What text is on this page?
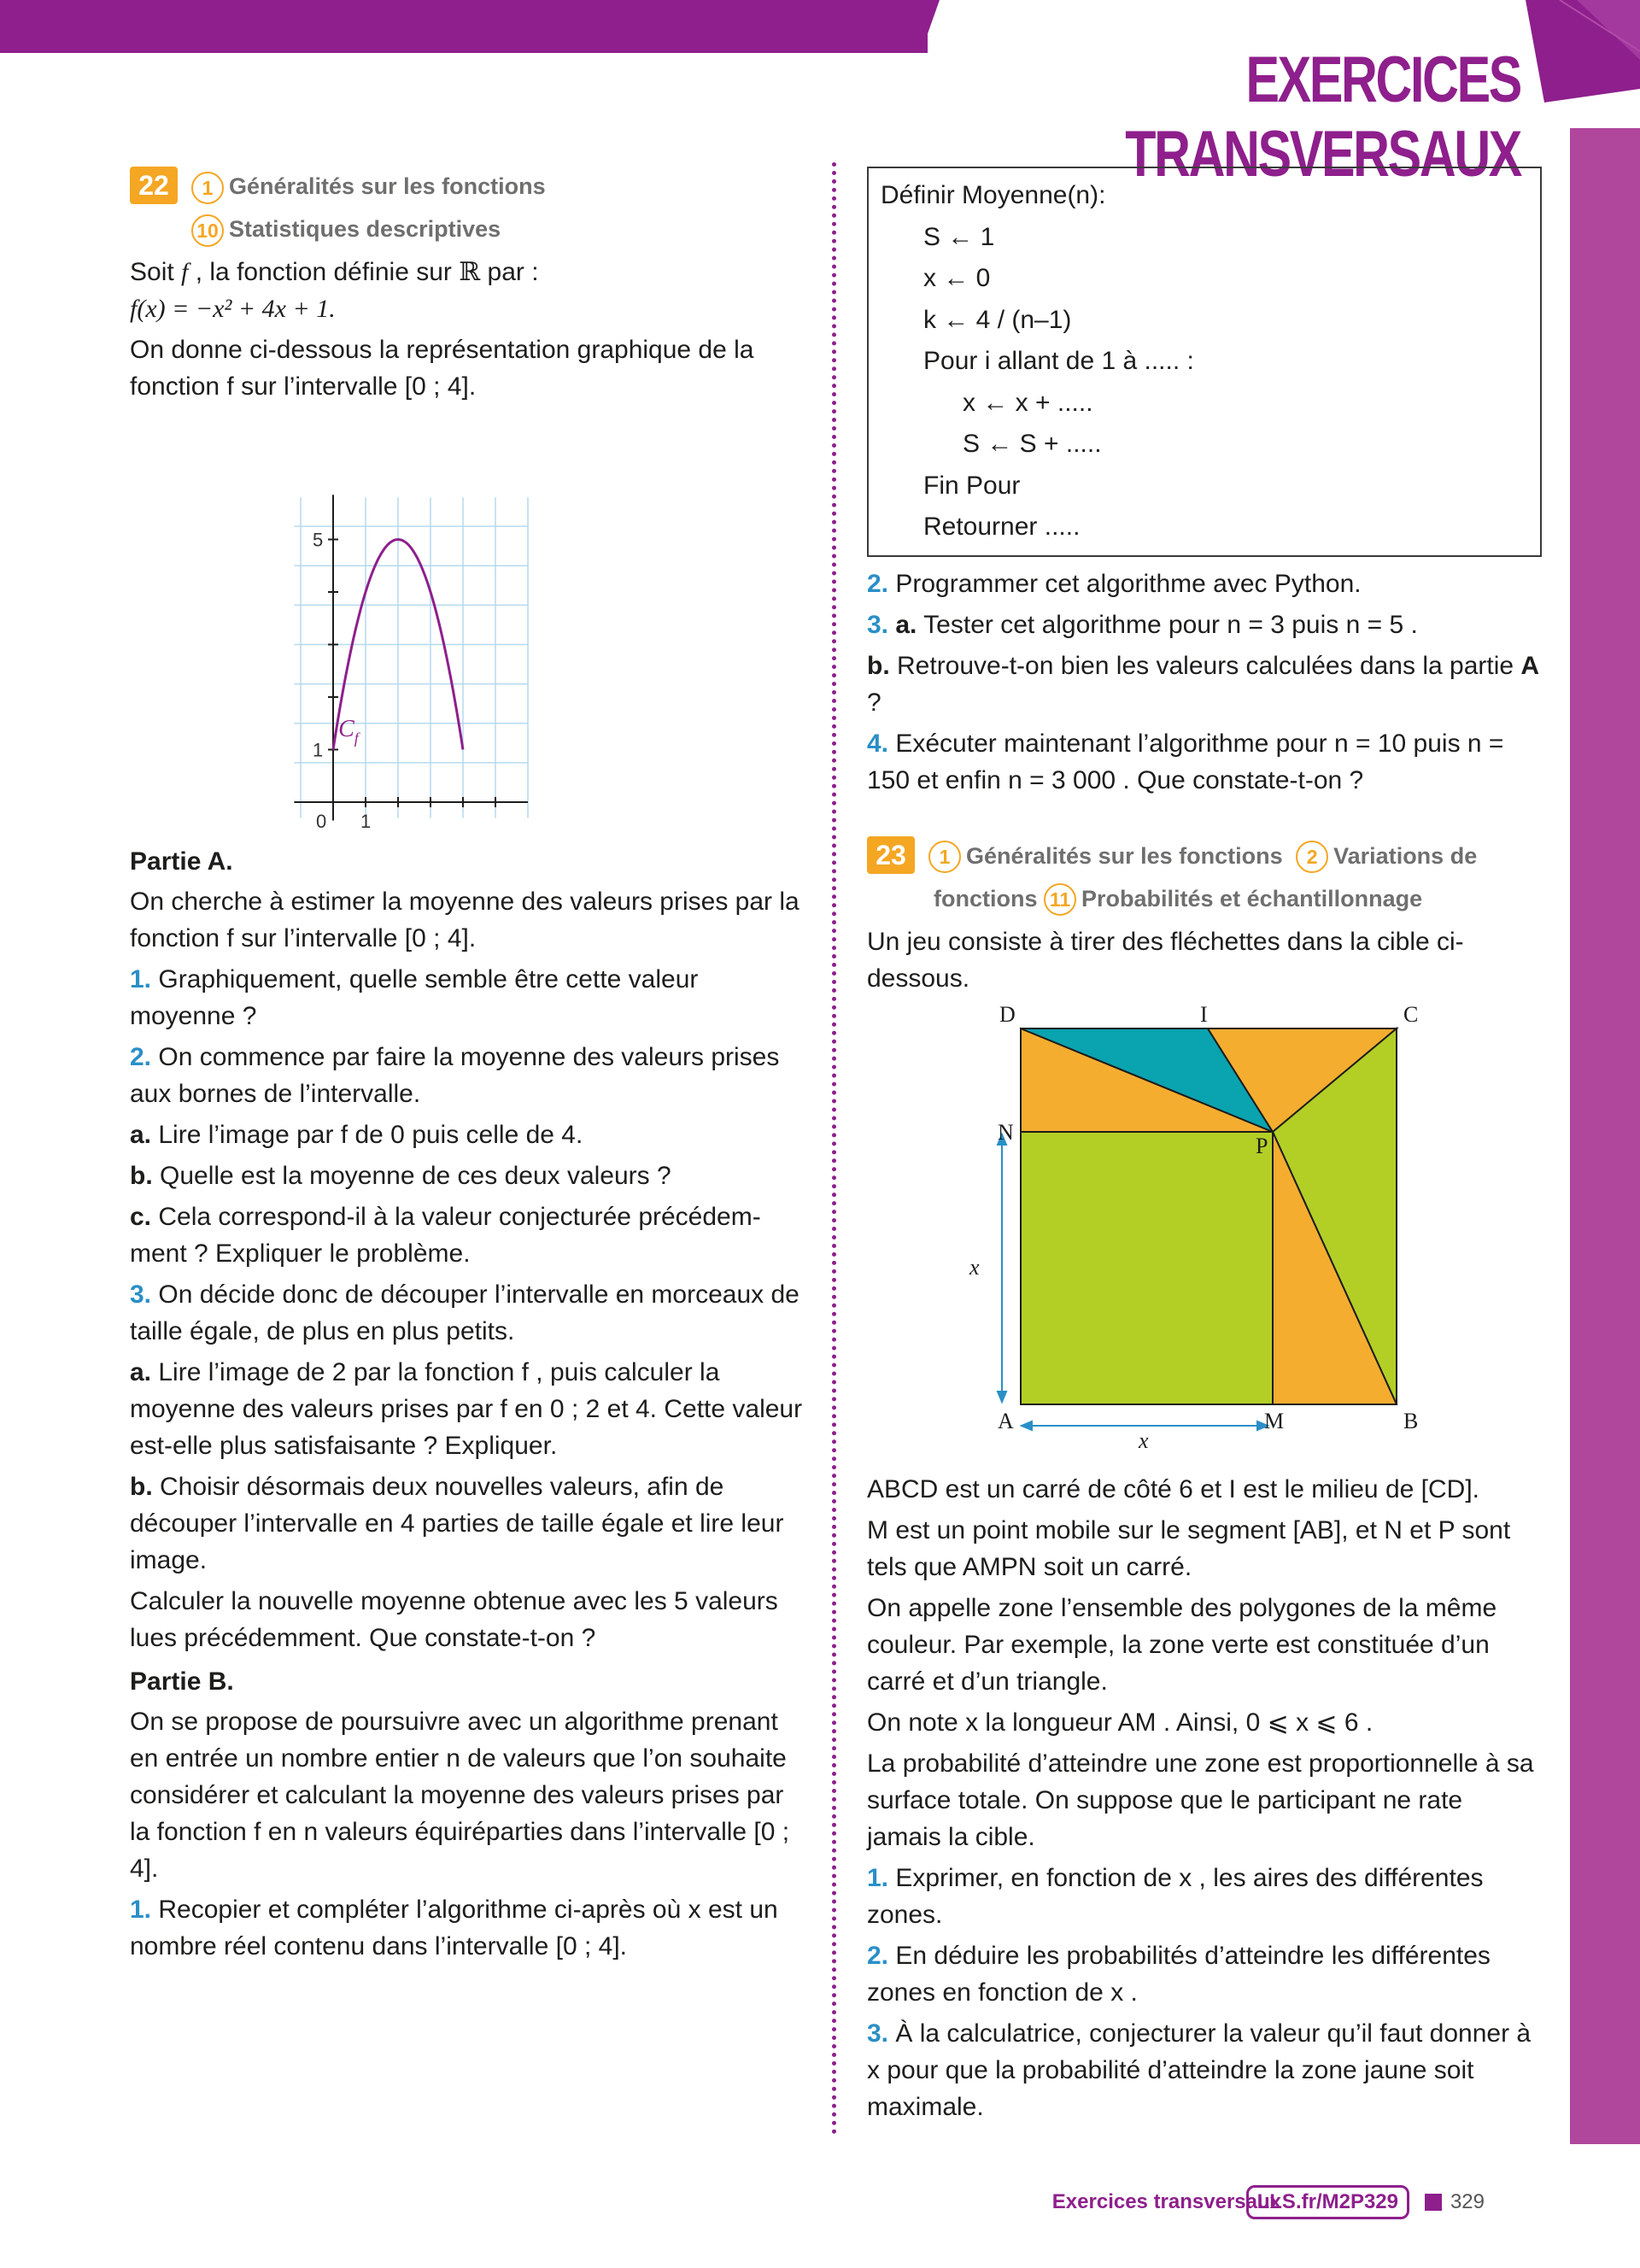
EXERCICES TRANSVERSAUX
22	1 Généralités sur les fonctions
10 Statistiques descriptives

Soit f , la fonction définie sur ℝ par :
f(x) = −x² + 4x + 1.

On donne ci-dessous la représentation graphique de la fonction f sur l’intervalle [0 ; 4].

$C_f$
0 1
1
5
Partie A.

On cherche à estimer la moyenne des valeurs prises par la fonction f sur l’intervalle [0 ; 4].

1. Graphiquement, quelle semble être cette valeur moyenne ?

2. On commence par faire la moyenne des valeurs prises aux bornes de l’intervalle.

a. Lire l’image par f de 0 puis celle de 4.

b. Quelle est la moyenne de ces deux valeurs ?

c. Cela correspond-il à la valeur conjecturée précédemment ? Expliquer le problème.

3. On décide donc de découper l’intervalle en morceaux de taille égale, de plus en plus petits.

a. Lire l’image de 2 par la fonction f , puis calculer la moyenne des valeurs prises par f en 0 ; 2 et 4. Cette valeur est-elle plus satisfaisante ? Expliquer.

b. Choisir désormais deux nouvelles valeurs, afin de découper l’intervalle en 4 parties de taille égale et lire leur image.

Calculer la nouvelle moyenne obtenue avec les 5 valeurs lues précédemment. Que constate-t-on ?

Partie B.

On se propose de poursuivre avec un algorithme prenant en entrée un nombre entier n de valeurs que l’on souhaite considérer et calculant la moyenne des valeurs prises par la fonction f en n valeurs équiréparties dans l’intervalle [0 ; 4].

1. Recopier et compléter l’algorithme ci-après où x est un nombre réel contenu dans l’intervalle [0 ; 4].

Définir Moyenne(n):
S ← 1
x ← 0
k ← 4 / (n–1)
Pour i allant de 1 à ..... :
x ← x + .....
S ← S + .....
Fin Pour
Retourner .....

2. Programmer cet algorithme avec Python.

3. a. Tester cet algorithme pour n = 3 puis n = 5 .

b. Retrouve-t-on bien les valeurs calculées dans la partie A ?

4. Exécuter maintenant l’algorithme pour n = 10 puis n = 150 et enfin n = 3 000 . Que constate-t-on ?

23	1 Généralités sur les fonctions 2 Variations de
fonctions 11 Probabilités et échantillonnage

Un jeu consiste à tirer des fléchettes dans la cible ci-dessous.

D	I	C
N
P
A	M	B
x
x

ABCD est un carré de côté 6 et I est le milieu de [CD].

M est un point mobile sur le segment [AB], et N et P sont tels que AMPN soit un carré.

On appelle zone l’ensemble des polygones de la même couleur. Par exemple, la zone verte est constituée d’un carré et d’un triangle.

On note x la longueur AM . Ainsi, 0 ⩽ x ⩽ 6 .

La probabilité d’atteindre une zone est proportionnelle à sa surface totale. On suppose que le participant ne rate jamais la cible.

1. Exprimer, en fonction de x , les aires des différentes zones.

2. En déduire les probabilités d’atteindre les différentes zones en fonction de x .

3. À la calculatrice, conjecturer la valeur qu’il faut donner à x pour que la probabilité d’atteindre la zone jaune soit maximale.

Exercices transversaux
LLS.fr/M2P329	329
